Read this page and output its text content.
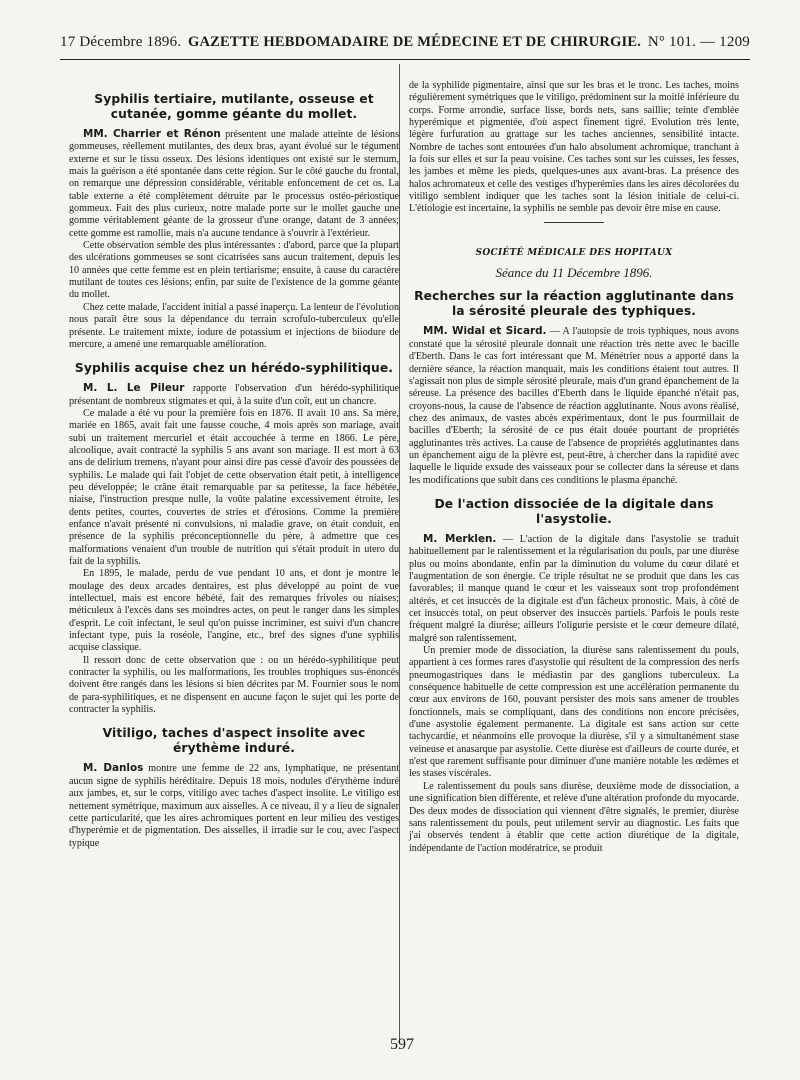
17 Décembre 1896. GAZETTE HEBDOMADAIRE DE MÉDECINE ET DE CHIRURGIE. N° 101. — 1209
Syphilis tertiaire, mutilante, osseuse et cutanée, gomme géante du mollet.

MM. Charrier et Rénon présentent une malade atteinte de lésions gommeuses, réellement mutilantes, des deux bras, ayant évolué sur le tégument externe et sur le tissu osseux. Des lésions identiques ont existé sur le sternum, mais la guérison a été spontanée dans cette région. Sur le côté gauche du frontal, on remarque une dépression considérable, véritable enfoncement de cet os. La table externe a été complètement détruite par le processus ostéo-périostique gommeux. Fait des plus curieux, notre malade porte sur le mollet gauche une gomme véritablement géante de la grosseur d'une orange, datant de 3 années; cette gomme est ramollie, mais n'a aucune tendance à s'ouvrir à l'extérieur.

Cette observation semble des plus intéressantes : d'abord, parce que la plupart des ulcérations gommeuses se sont cicatrisées sans aucun traitement, depuis les 10 années que cette femme est en plein tertiarisme; ensuite, à cause du caractère mutilant de toutes ces lésions; enfin, par suite de l'existence de la gomme géante du mollet.

Chez cette malade, l'accident initial a passé inaperçu. La lenteur de l'évolution nous paraît être sous la dépendance du terrain scrofulo-tuberculeux qu'elle présente. Le traitement mixte, iodure de potassium et injections de biiodure de mercure, a amené une remarquable amélioration.

Syphilis acquise chez un hérédo-syphilitique.

M. L. Le Pileur rapporte l'observation d'un hérédo-syphilitique présentant de nombreux stigmates et qui, à la suite d'un coït, eut un chancre.

Ce malade a été vu pour la première fois en 1876. Il avait 10 ans. Sa mère, mariée en 1865, avait fait une fausse couche, 4 mois après son mariage, avait subi un traitement mercuriel et était accouchée à terme en 1866. Le père, alcoolique, avait contracté la syphilis 5 ans avant son mariage. Il est mort à 63 ans de delirium tremens, n'ayant pour ainsi dire pas cessé d'avoir des poussées de syphilis. Le malade qui fait l'objet de cette observation était petit, à intelligence peu développée; le crâne était remarquable par sa petitesse, la face hébétée, niaise, l'instruction presque nulle, la voûte palatine excessivement étroite, les dents petites, courtes, couvertes de stries et d'érosions. Comme la première enfance n'avait présenté ni convulsions, ni maladie grave, on était conduit, en présence de la syphilis préconceptionnelle du père, à admettre que ces malformations venaient d'un trouble de nutrition qui s'était produit in utero du fait de la syphilis.

En 1895, le malade, perdu de vue pendant 10 ans, et dont je montre le moulage des deux arcades dentaires, est plus développé au point de vue intellectuel, mais est encore hébété, fait des remarques frivoles ou niaises; méticuleux à l'excès dans ses moindres actes, on peut le ranger dans les simples d'esprit. Le coït infectant, le seul qu'on puisse incriminer, est suivi d'un chancre infectant type, puis la roséole, l'angine, etc., bref des signes d'une syphilis acquise classique.

Il ressort donc de cette observation que : ou un hérédo-syphilitique peut contracter la syphilis, ou les malformations, les troubles trophiques sus-énoncés doivent être rangés dans les lésions si bien décrites par M. Fournier sous le nom de para-syphilitiques, et ne dispensent en aucune façon le sujet qui les porte de contracter la syphilis.

Vitiligo, taches d'aspect insolite avec érythème induré.

M. Danlos montre une femme de 22 ans, lymphatique, ne présentant aucun signe de syphilis héréditaire. Depuis 18 mois, nodules d'érythème induré aux jambes, et, sur le corps, vitiligo avec taches d'aspect insolite. Le vitiligo est nettement symétrique, maximum aux aisselles. A ce niveau, il y a lieu de signaler cette particularité, que les aires achromiques portent en leur milieu des vestiges d'hyperémie et de pigmentation. Des aisselles, il irradie sur le cou, avec l'aspect typique

de la syphilide pigmentaire, ainsi que sur les bras et le tronc. Les taches, moins régulièrement symétriques que le vitiligo, prédominent sur la moitié inférieure du corps. Forme arrondie, surface lisse, bords nets, sans saillie; teinte d'emblée hyperémique et pigmentée, d'où aspect finement tigré. Evolution très lente, légère furfuration au grattage sur les taches anciennes, sensibilité intacte. Nombre de taches sont entourées d'un halo absolument achromique, tranchant à la fois sur elles et sur la peau voisine. Ces taches sont sur les cuisses, les fesses, les jambes et même les pieds, quelques-unes aux avant-bras. La présence des halos achromateux et celle des vestiges d'hyperémies dans les aires décolorées du vitiligo semblent indiquer que les taches sont la lésion initiale de celui-ci. L'étiologie est incertaine, la syphilis ne semble pas devoir être mise en cause.

SOCIÉTÉ MÉDICALE DES HOPITAUX
Séance du 11 Décembre 1896.
Recherches sur la réaction agglutinante dans la sérosité pleurale des typhiques.

MM. Widal et Sicard. — A l'autopsie de trois typhiques, nous avons constaté que la sérosité pleurale donnait une réaction très nette avec le bacille d'Eberth. Dans le cas fort intéressant que M. Ménétrier nous a apporté dans la dernière séance, la réaction manquait, mais les conditions étaient tout autres. Il s'agissait non plus de simple sérosité pleurale, mais d'un grand épanchement de la séreuse. La présence des bacilles d'Eberth dans le liquide épanché n'était pas, croyons-nous, la cause de l'absence de réaction agglutinante. Nous avons réalisé, chez des animaux, de vastes abcès expérimentaux, dont le pus fourmillait de bacilles d'Eberth; la sérosité de ce pus était douée pourtant de propriétés agglutinantes très actives. La cause de l'absence de propriétés agglutinantes dans un épanchement aigu de la plèvre est, peut-être, à chercher dans la rapidité avec laquelle le liquide exsude des vaisseaux pour se collecter dans la séreuse et dans les modifications que subit dans ces conditions le plasma épanché.

De l'action dissociée de la digitale dans l'asystolie.

M. Merklen. — L'action de la digitale dans l'asystolie se traduit habituellement par le ralentissement et la régularisation du pouls, par une diurèse plus ou moins abondante, enfin par la diminution du volume du cœur dilaté et l'augmentation de son énergie. Ce triple résultat ne se produit que dans les cas favorables; il manque quand le cœur et les vaisseaux sont trop profondément altérés, et cet insuccès de la digitale est d'un fâcheux pronostic. Mais, à côté de cet insuccès total, on peut observer des insuccès partiels. Parfois le pouls reste fréquent malgré la diurèse; ailleurs l'oligurie persiste et le cœur demeure dilaté, malgré son ralentissement.

Un premier mode de dissociation, la diurèse sans ralentissement du pouls, appartient à ces formes rares d'asystolie qui résultent de la compression des nerfs pneumogastriques dans le médiastin par des ganglions tuberculeux. La conséquence habituelle de cette compression est une accélération permanente du cœur aux environs de 160, pouvant persister des mois sans amener de troubles fonctionnels, mais se compliquant, dans des conditions non encore précisées, d'une asystolie également permanente. La digitale est sans action sur cette tachycardie, et néanmoins elle provoque la diurèse, s'il y a simultanément stase veineuse et anasarque par asystolie. Cette diurèse est d'ailleurs de courte durée, et n'est que rarement suffisante pour diminuer d'une manière notable les œdèmes et les stases viscérales.

Le ralentissement du pouls sans diurèse, deuxième mode de dissociation, a une signification bien différente, et relève d'une altération profonde du myocarde. Des deux modes de dissociation qui viennent d'être signalés, le premier, diurèse sans ralentissement du pouls, peut utilement servir au diagnostic. Les faits que j'ai observés tendent à établir que cette action diurétique de la digitale, indépendante de l'action modératrice, se produit

597
